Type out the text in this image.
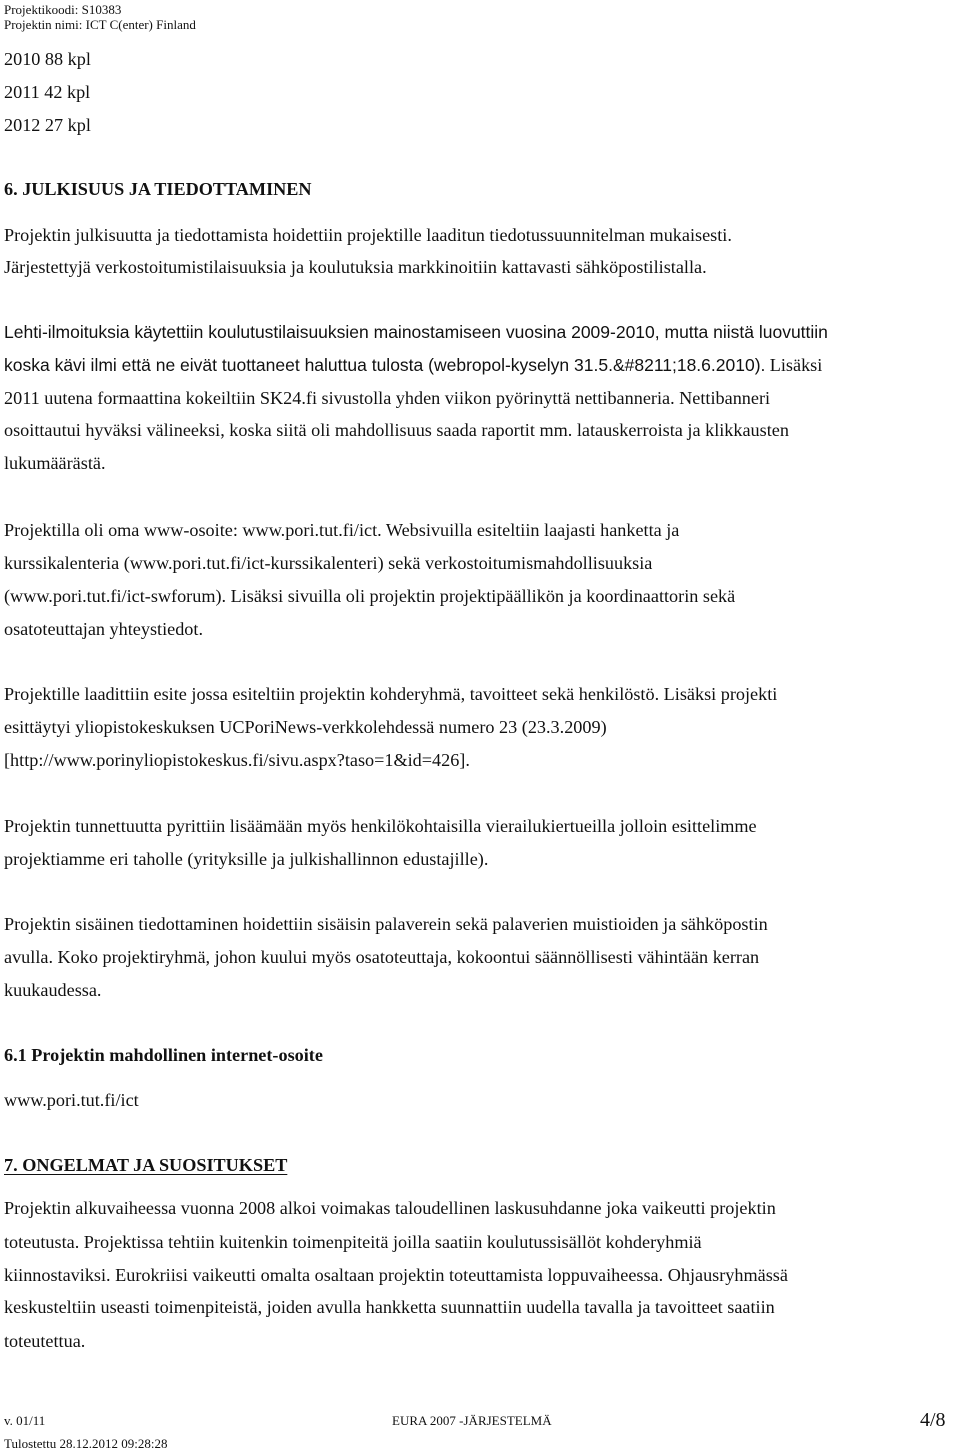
Projektikoodi: S10383
Projektin nimi: ICT C(enter) Finland
2010 88 kpl
2011 42 kpl
2012 27 kpl
6. JULKISUUS JA TIEDOTTAMINEN
Projektin julkisuutta ja tiedottamista hoidettiin projektille laaditun tiedotussuunnitelman mukaisesti.
Järjestettyjä verkostoitumistilaisuuksia ja koulutuksia markkinoitiin kattavasti sähköpostilistalla.
Lehti-ilmoituksia käytettiin koulutustilaisuuksien mainostamiseen vuosina 2009-2010, mutta niistä luovuttiin
koska kävi ilmi että ne eivät tuottaneet haluttua tulosta (webropol-kyselyn 31.5.&#8211;18.6.2010). Lisäksi
2011 uutena formaattina kokeiltiin SK24.fi sivustolla yhden viikon pyörinyttä nettibanneria. Nettibanneri
osoittautui hyväksi välineeksi, koska siitä oli mahdollisuus saada raportit mm. latauskerroista ja klikkausten
lukumäärästä.
Projektilla oli oma www-osoite: www.pori.tut.fi/ict. Websivuilla esiteltiin laajasti hanketta ja
kurssikalenteria (www.pori.tut.fi/ict-kurssikalenteri) sekä verkostoitumismahdollisuuksia
(www.pori.tut.fi/ict-swforum). Lisäksi sivuilla oli projektin projektipäällikön ja koordinaattorin sekä
osatoteuttajan yhteystiedot.
Projektille laadittiin esite jossa esiteltiin projektin kohderyhmä, tavoitteet sekä henkilöstö. Lisäksi projekti
esittäytyi yliopistokeskuksen UCPoriNews-verkkolehdessä numero 23 (23.3.2009)
[http://www.porinyliopistokeskus.fi/sivu.aspx?taso=1&id=426].
Projektin tunnettuutta pyrittiin lisäämään myös henkilökohtaisilla vierailukiertueilla jolloin esittelimme
projektiamme eri taholle (yrityksille ja julkishallinnon edustajille).
Projektin sisäinen tiedottaminen hoidettiin sisäisin palaverein sekä palaverien muistioiden ja sähköpostin
avulla. Koko projektiryhmä, johon kuului myös osatoteuttaja, kokoontui säännöllisesti vähintään kerran
kuukaudessa.
6.1 Projektin mahdollinen internet-osoite
www.pori.tut.fi/ict
7. ONGELMAT JA SUOSITUKSET
Projektin alkuvaiheessa vuonna 2008 alkoi voimakas taloudellinen laskusuhdanne joka vaikeutti projektin
toteutusta. Projektissa tehtiin kuitenkin toimenpiteitä joilla saatiin koulutussisällöt kohderyhmiä
kiinnostaviksi. Eurokriisi vaikeutti omalta osaltaan projektin toteuttamista loppuvaiheessa. Ohjausryhmässä
keskusteltiin useasti toimenpiteistä, joiden avulla hankketta suunnattiin uudella tavalla ja tavoitteet saatiin
toteutettua.
v. 01/11	EURA 2007 -JÄRJESTELMÄ	4/8
Tulostettu 28.12.2012 09:28:28
